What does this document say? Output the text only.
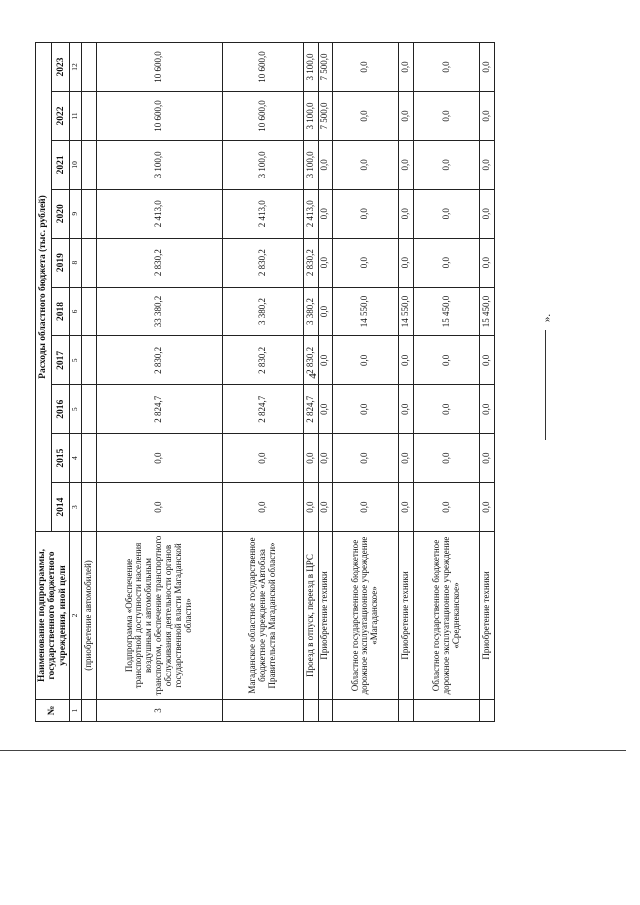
4
№	Наименование подпрограммы, государственного бюджетного учреждения, иной цели	Расходы областного бюджета (тыс. рублей)									
		2014	2015	2016	2017	2018	2019	2020	2021	2022	2023
1	2	3	4	5	5	6	8	9	10	11	12
	(приобретение автомобилей)										
3	Подпрограмма «Обеспечение транспортной доступности населения воздушным и автомобильным транспортом, обеспечение транспортного обслуживания деятельности органов государственной власти Магаданской области»	0,0	0,0	2 824,7	2 830,2	33 380,2	2 830,2	2 413,0	3 100,0	10 600,0	10 600,0
	Магаданское областное государственное бюджетное учреждение «Автобаза Правительства Магаданской области»	0,0	0,0	2 824,7	2 830,2	3 380,2	2 830,2	2 413,0	3 100,0	10 600,0	10 600,0
	Проезд в отпуск, переезд в ЦРС	0,0	0,0	2 824,7	2 830,2	3 380,2	2 830,2	2 413,0	3 100,0	3 100,0	3 100,0
	Приобретение техники	0,0	0,0	0,0	0,0	0,0	0,0	0,0	0,0	7 500,0	7 500,0
	Областное государственное бюджетное дорожное эксплуатационное учреждение «Магаданское»	0,0	0,0	0,0	0,0	14 550,0	0,0	0,0	0,0	0,0	0,0
	Приобретение техники	0,0	0,0	0,0	0,0	14 550,0	0,0	0,0	0,0	0,0	0,0
	Областное государственное бюджетное дорожное эксплуатационное учреждение «Среднеканское»	0,0	0,0	0,0	0,0	15 450,0	0,0	0,0	0,0	0,0	0,0
	Приобретение техники	0,0	0,0	0,0	0,0	15 450,0	0,0	0,0	0,0	0,0	0,0
».
